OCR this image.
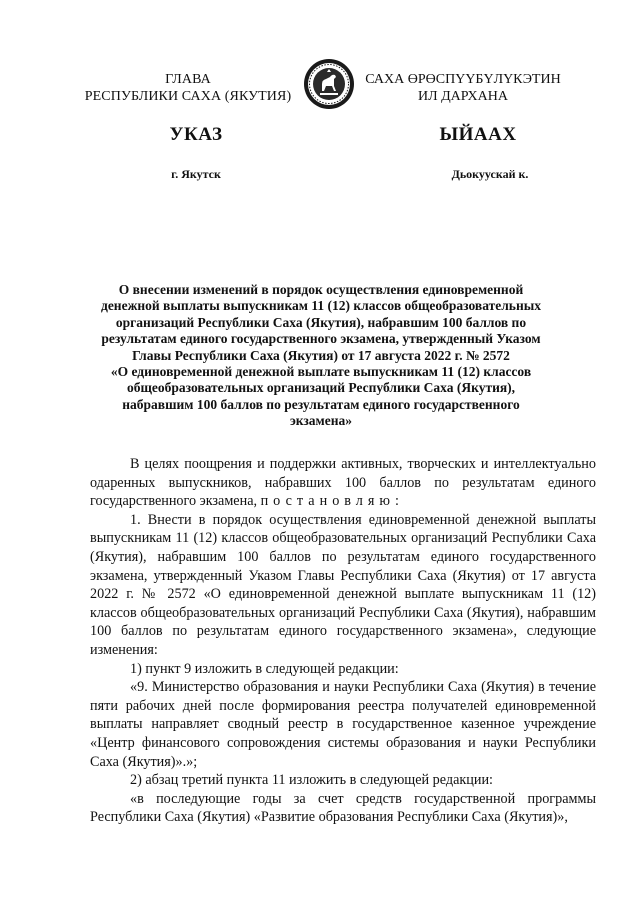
ГЛАВА
РЕСПУБЛИКИ САХА (ЯКУТИЯ)
САХА ӨРӨСПҮҮБҮЛҮКЭТИН
ИЛ ДАРХАНА
УКАЗ	ЫЙААХ
г. Якутск	Дьокуускай к.
О внесении изменений в порядок осуществления единовременной
денежной выплаты выпускникам 11 (12) классов общеобразовательных
организаций Республики Саха (Якутия), набравшим 100 баллов по
результатам единого государственного экзамена, утвержденный Указом
Главы Республики Саха (Якутия) от 17 августа 2022 г. № 2572
«О единовременной денежной выплате выпускникам 11 (12) классов
общеобразовательных организаций Республики Саха (Якутия),
набравшим 100 баллов по результатам единого государственного
экзамена»

В целях поощрения и поддержки активных, творческих и интеллектуально одаренных выпускников, набравших 100 баллов по результатам единого государственного экзамена, постановляю:

1. Внести в порядок осуществления единовременной денежной выплаты выпускникам 11 (12) классов общеобразовательных организаций Республики Саха (Якутия), набравшим 100 баллов по результатам единого государственного экзамена, утвержденный Указом Главы Республики Саха (Якутия) от 17 августа 2022 г. № 2572 «О единовременной денежной выплате выпускникам 11 (12) классов общеобразовательных организаций Республики Саха (Якутия), набравшим 100 баллов по результатам единого государственного экзамена», следующие изменения:

1) пункт 9 изложить в следующей редакции:

«9. Министерство образования и науки Республики Саха (Якутия) в течение пяти рабочих дней после формирования реестра получателей единовременной выплаты направляет сводный реестр в государственное казенное учреждение «Центр финансового сопровождения системы образования и науки Республики Саха (Якутия)».»;

2) абзац третий пункта 11 изложить в следующей редакции:

«в последующие годы за счет средств государственной программы Республики Саха (Якутия) «Развитие образования Республики Саха (Якутия)»,
